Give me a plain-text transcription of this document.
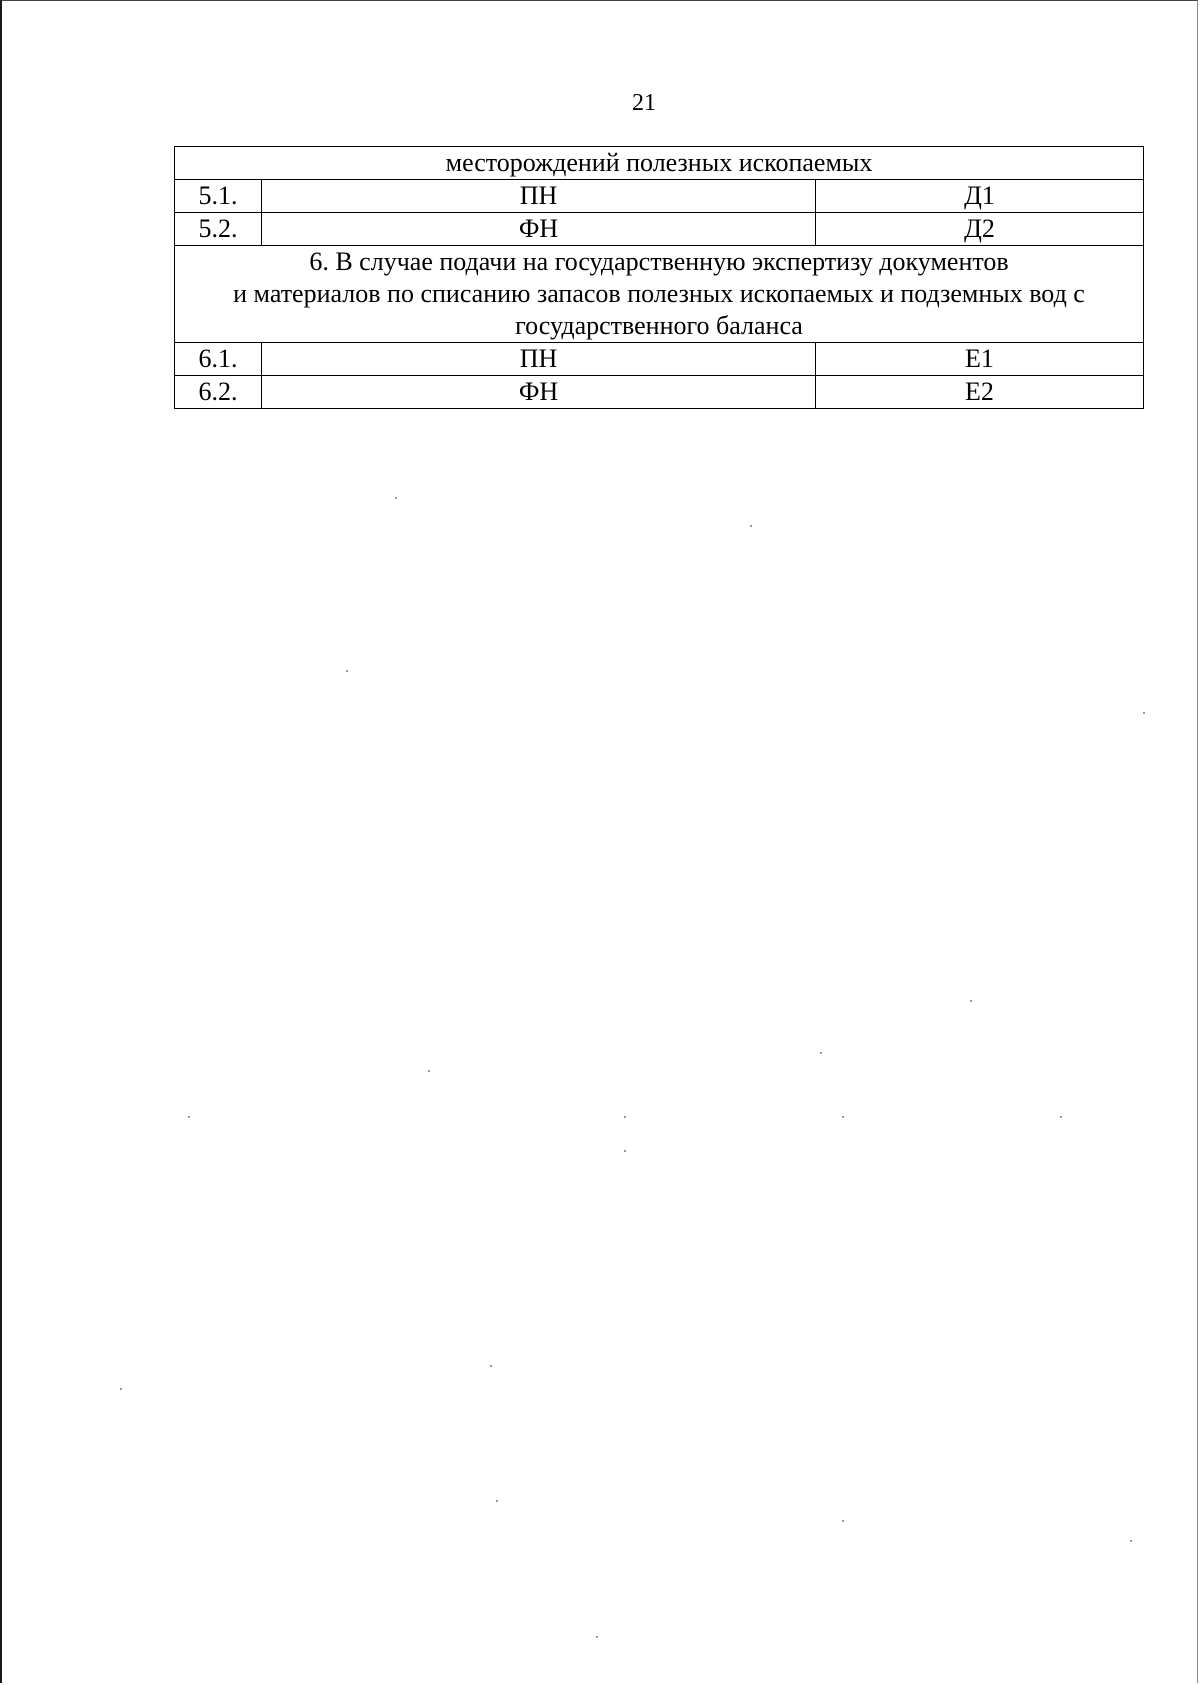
21
месторождений полезных ископаемых		
5.1.	ПН	Д1
5.2.	ФН	Д2

6. В случае подачи на государственную экспертизу документов
и материалов по списанию запасов полезных ископаемых и подземных вод с
государственного баланса		

6.1.	ПН	Е1
6.2.	ФН	Е2
